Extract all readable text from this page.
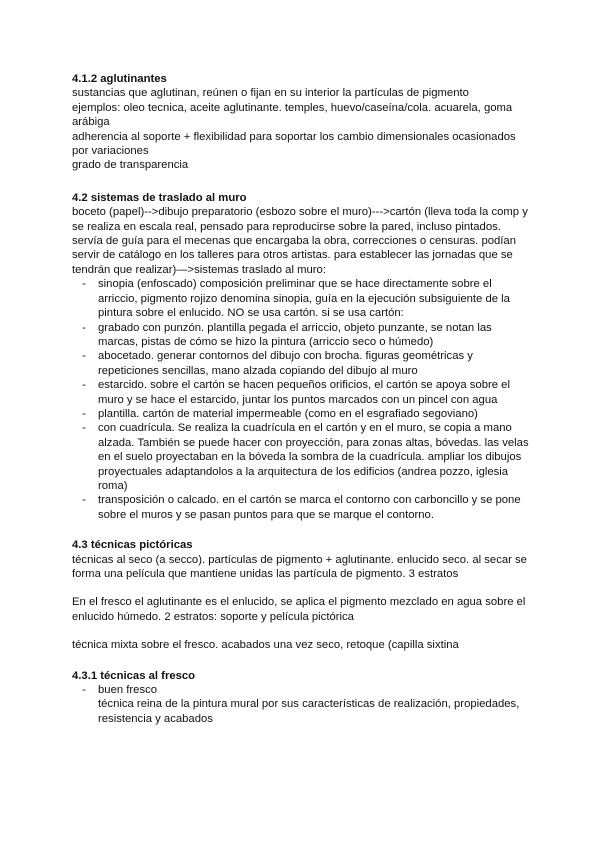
4.1.2 aglutinantes

sustancias que aglutinan, reúnen o fijan en su interior la partículas de pigmento

ejemplos: oleo tecnica, aceite aglutinante. temples, huevo/caseína/cola. acuarela, goma arábiga

adherencia al soporte + flexibilidad para soportar los cambio dimensionales ocasionados por variaciones

grado de transparencia

4.2 sistemas de traslado al muro

boceto (papel)-->dibujo preparatorio (esbozo sobre el muro)--->cartón (lleva toda la comp y se realiza en escala real, pensado para reproducirse sobre la pared, incluso pintados. servía de guía para el mecenas que encargaba la obra, correcciones o censuras. podían servir de catálogo en los talleres para otros artistas. para establecer las jornadas que se tendrán que realizar)—>sistemas traslado al muro:

- sinopia (enfoscado) composición preliminar que se hace directamente sobre el arriccio, pigmento rojizo denomina sinopia, guía en la ejecución subsiguiente de la pintura sobre el enlucido. NO se usa cartón. si se usa cartón:
- grabado con punzón. plantilla pegada el arriccio, objeto punzante, se notan las marcas, pistas de cómo se hizo la pintura (arriccio seco o húmedo)
- abocetado. generar contornos del dibujo con brocha. figuras geométricas y repeticiones sencillas, mano alzada copiando del dibujo al muro
- estarcido. sobre el cartón se hacen pequeños orificios, el cartón se apoya sobre el muro y se hace el estarcido, juntar los puntos marcados con un pincel con agua
- plantilla. cartón de material impermeable (como en el esgrafiado segoviano)
- con cuadrícula. Se realiza la cuadrícula en el cartón y en el muro, se copia a mano alzada. También se puede hacer con proyección, para zonas altas, bóvedas. las velas en el suelo proyectaban en la bóveda la sombra de la cuadrícula. ampliar los dibujos proyectuales adaptandolos a la arquitectura de los edificios (andrea pozzo, iglesia roma)
- transposición o calcado. en el cartón se marca el contorno con carboncillo y se pone sobre el muros y se pasan puntos para que se marque el contorno.
4.3 técnicas pictóricas

técnicas al seco (a secco). partículas de pigmento + aglutinante. enlucido seco. al secar se forma una película que mantiene unidas las partícula de pigmento. 3 estratos

En el fresco el aglutinante es el enlucido, se aplica el pigmento mezclado en agua sobre el enlucido húmedo. 2 estratos: soporte y película pictórica

técnica mixta sobre el fresco. acabados una vez seco, retoque (capilla sixtina

4.3.1 técnicas al fresco
- buen fresco

técnica reina de la pintura mural por sus características de realización, propiedades, resistencia y acabados
